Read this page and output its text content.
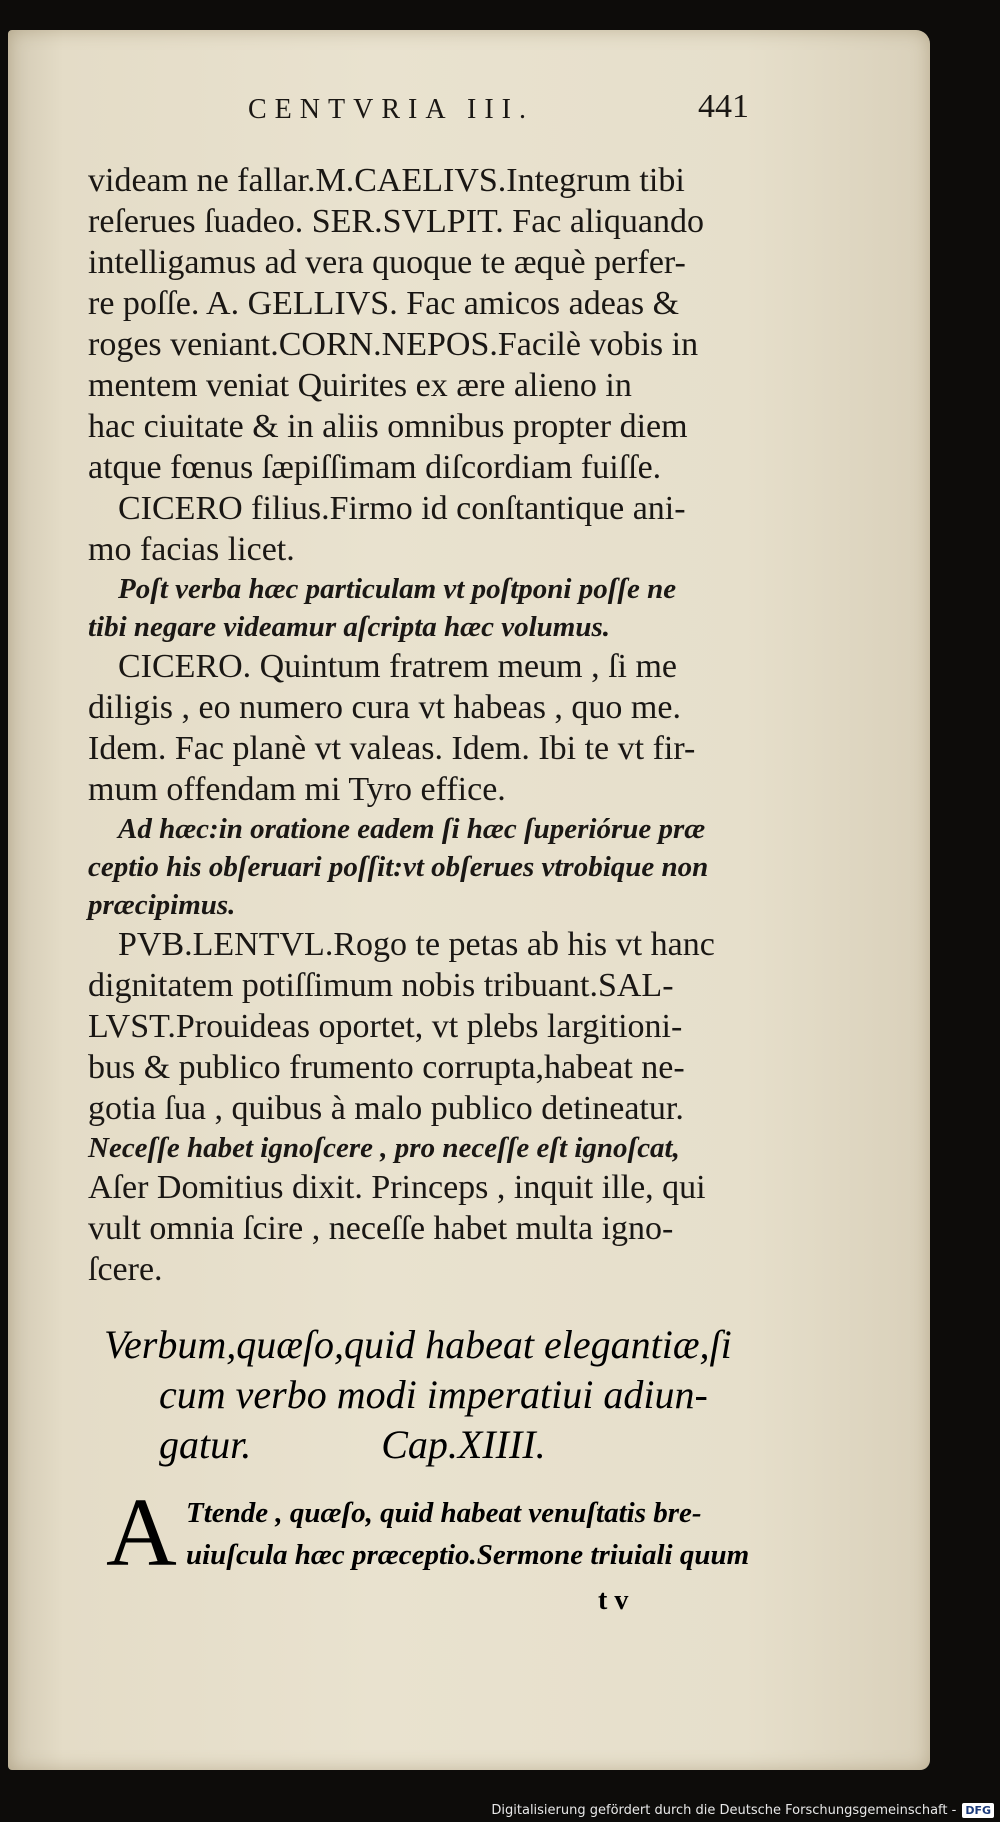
CENTVRIA III.	441
videam ne fallar.M.CAELIVS.Integrum tibi
reſerues ſuadeo. SER.SVLPIT. Fac aliquando
intelligamus ad vera quoque te æquè perfer-
re poſſe. A. GELLIVS. Fac amicos adeas &
roges veniant.CORN.NEPOS.Facilè vobis in
mentem veniat Quirites ex ære alieno in
hac ciuitate & in aliis omnibus propter diem
atque fœnus ſæpiſſimam diſcordiam fuiſſe.
CICERO filius.Firmo id conſtantique ani-
mo facias licet.
Poſt verba hæc particulam vt poſtponi poſſe ne
tibi negare videamur aſcripta hæc volumus.
CICERO. Quintum fratrem meum , ſi me
diligis , eo numero cura vt habeas , quo me.
Idem. Fac planè vt valeas. Idem. Ibi te vt fir-
mum offendam mi Tyro effice.
Ad hæc:in oratione eadem ſi hæc ſuperiórue præ
ceptio his obſeruari poſſit:vt obſerues vtrobique non
præcipimus.
PVB.LENTVL.Rogo te petas ab his vt hanc
dignitatem potiſſimum nobis tribuant.SAL-
LVST.Prouideas oportet, vt plebs largitioni-
bus & publico frumento corrupta,habeat ne-
gotia ſua , quibus à malo publico detineatur.
Neceſſe habet ignoſcere , pro neceſſe eſt ignoſcat,
Aſer Domitius dixit. Princeps , inquit ille, qui
vult omnia ſcire , neceſſe habet multa igno-
ſcere.
Verbum,quæſo,quid habeat elegantiæ,ſi
cum verbo modi imperatiui adiun-
gatur.	Cap.XIIII.
A Ttende , quæſo, quid habeat venuſtatis bre-
uiuſcula hæc præceptio.Sermone triuiali quum
t v
Digitalisierung gefördert durch die Deutsche Forschungsgemeinschaft - DFG
